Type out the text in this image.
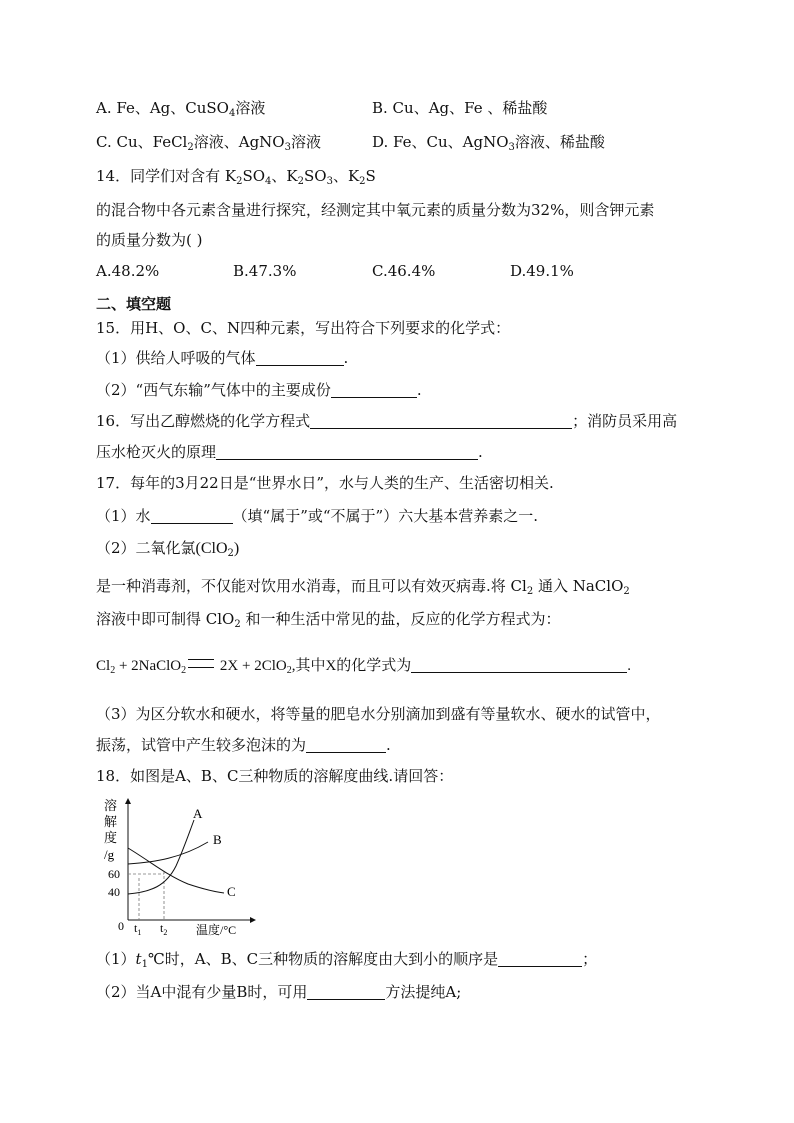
A. Fe、Ag、CuSO$_4$溶液	B. Cu、Ag、Fe 、稀盐酸
C. Cu、FeCl$_2$溶液、AgNO$_3$溶液	D. Fe、Cu、AgNO$_3$溶液、稀盐酸
14．同学们对含有 $K_2SO_4$、$K_2SO_3$、$K_2S$
的混合物中各元素含量进行探究，经测定其中氧元素的质量分数为32%，则含钾元素
的质量分数为( )
A.48.2%	B.47.3%	C.46.4%	D.49.1%
二、填空题
15．用H、O、C、N四种元素，写出符合下列要求的化学式：
（1）供给人呼吸的气体	.
（2）“西气东输”气体中的主要成份	.
16．写出乙醇燃烧的化学方程式	；消防员采用高
压水枪灭火的原理	.
17．每年的3月22日是“世界水日”，水与人类的生产、生活密切相关.
（1）水	（填“属于”或“不属于”）六大基本营养素之一.
（2）二氧化氯(ClO$_2$)
是一种消毒剂，不仅能对饮用水消毒，而且可以有效灭病毒.将 $Cl_2$ 通入 NaClO$_2$
溶液中即可制得 ClO$_2$ 和一种生活中常见的盐，反应的化学方程式为：
$Cl_2$ + 2NaClO$_2$ 2X + 2ClO$_2$,其中X的化学式为	.
（3）为区分软水和硬水，将等量的肥皂水分别滴加到盛有等量软水、硬水的试管中，
振荡，试管中产生较多泡沫的为	.
18．如图是A、B、C三种物质的溶解度曲线.请回答：
溶
解
度
/g
60
40
0 $t_1$ $t_2$ 温度/°C
A
B
C
$(1)t_1℃$时，A、B、C三种物质的溶解度由大到小的顺序是	；
（2）当A中混有少量B时，可用	方法提纯A;
